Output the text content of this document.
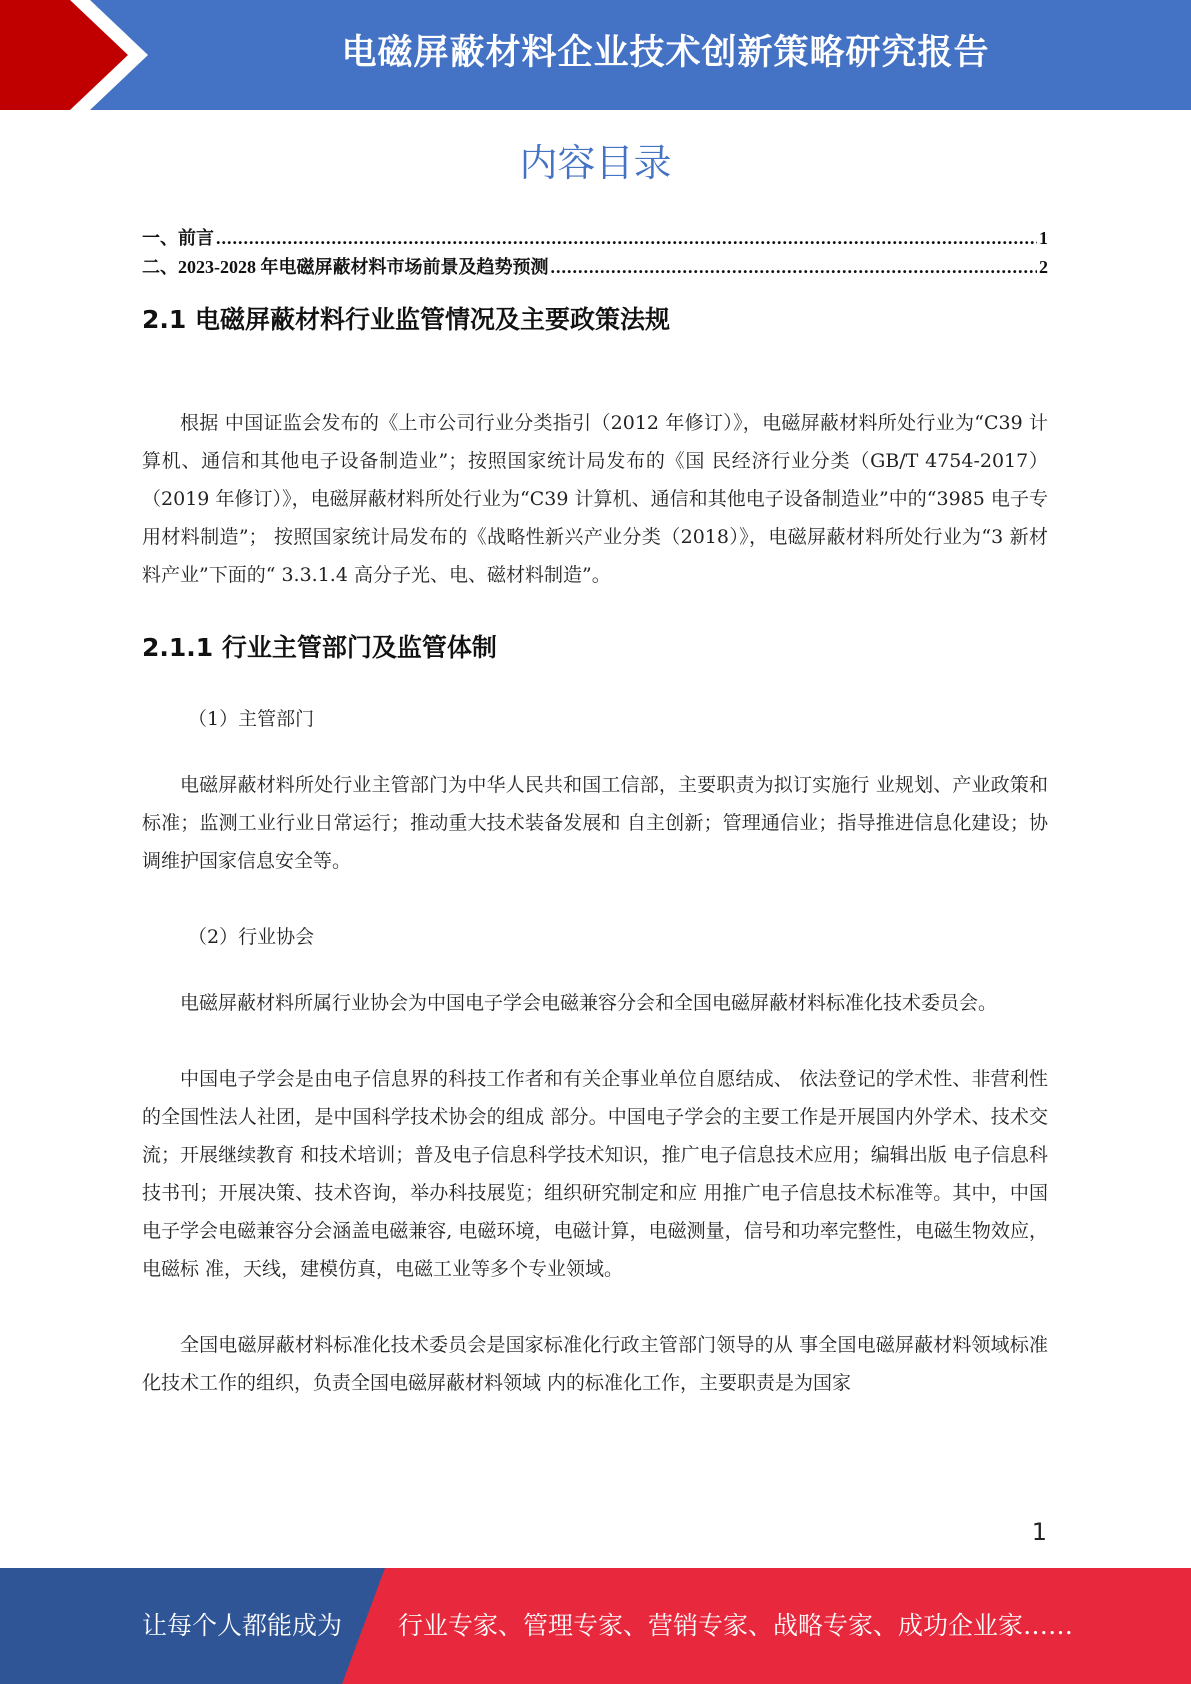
电磁屏蔽材料企业技术创新策略研究报告
内容目录
一、前言 .....	1
二、2023-2028 年电磁屏蔽材料市场前景及趋势预测 .....	2
2.1 电磁屏蔽材料行业监管情况及主要政策法规

根据 中国证监会发布的《上市公司行业分类指引（2012 年修订）》，电磁屏蔽材料所处行业为“C39 计算机、通信和其他电子设备制造业”；按照国家统计局发布的《国 民经济行业分类（GB/T 4754-2017）（2019 年修订）》，电磁屏蔽材料所处行业为“C39 计算机、通信和其他电子设备制造业”中的“3985 电子专用材料制造”； 按照国家统计局发布的《战略性新兴产业分类（2018）》，电磁屏蔽材料所处行业为“3 新材料产业”下面的“ 3.3.1.4 高分子光、电、磁材料制造”。

2.1.1 行业主管部门及监管体制

（1）主管部门

电磁屏蔽材料所处行业主管部门为中华人民共和国工信部，主要职责为拟订实施行 业规划、产业政策和标准；监测工业行业日常运行；推动重大技术装备发展和 自主创新；管理通信业；指导推进信息化建设；协调维护国家信息安全等。

（2）行业协会

电磁屏蔽材料所属行业协会为中国电子学会电磁兼容分会和全国电磁屏蔽材料标准化技术委员会。

中国电子学会是由电子信息界的科技工作者和有关企事业单位自愿结成、 依法登记的学术性、非营利性的全国性法人社团，是中国科学技术协会的组成 部分。中国电子学会的主要工作是开展国内外学术、技术交流；开展继续教育 和技术培训；普及电子信息科学技术知识，推广电子信息技术应用；编辑出版 电子信息科技书刊；开展决策、技术咨询，举办科技展览；组织研究制定和应 用推广电子信息技术标准等。其中，中国电子学会电磁兼容分会涵盖电磁兼容, 电磁环境，电磁计算，电磁测量，信号和功率完整性，电磁生物效应，电磁标 准，天线，建模仿真，电磁工业等多个专业领域。

全国电磁屏蔽材料标准化技术委员会是国家标准化行政主管部门领导的从 事全国电磁屏蔽材料领域标准化技术工作的组织，负责全国电磁屏蔽材料领域 内的标准化工作，主要职责是为国家

1
让每个人都能成为 行业专家、管理专家、营销专家、战略专家、成功企业家……
